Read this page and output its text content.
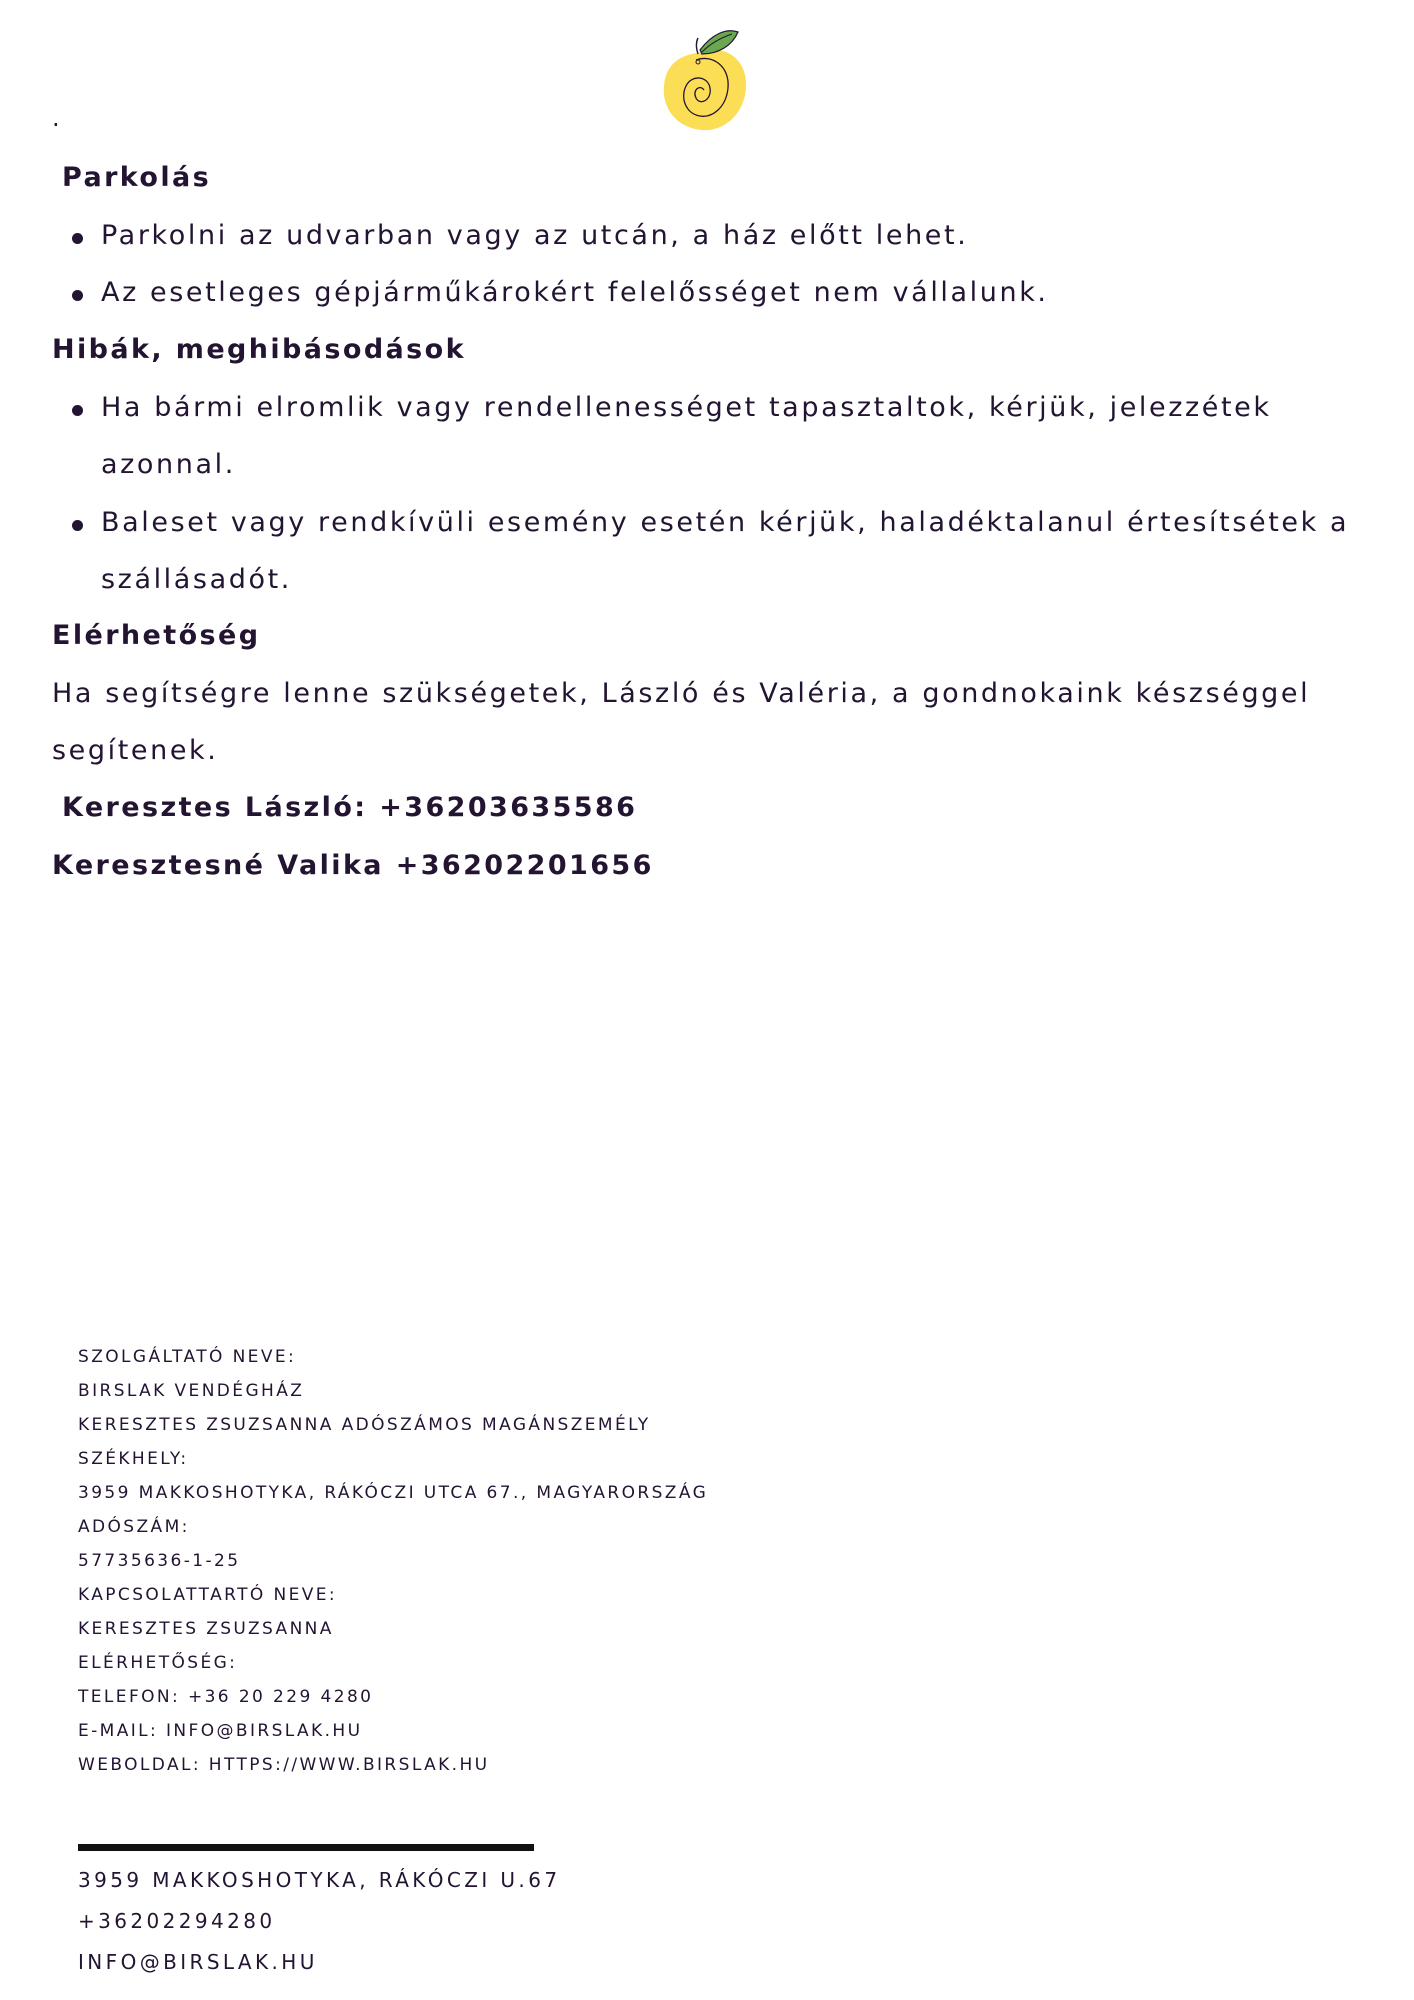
.
Parkolás
Parkolni az udvarban vagy az utcán, a ház előtt lehet.
Az esetleges gépjárműkárokért felelősséget nem vállalunk.
Hibák, meghibásodások
Ha bármi elromlik vagy rendellenességet tapasztaltok, kérjük, jelezzétek
azonnal.
Baleset vagy rendkívüli esemény esetén kérjük, haladéktalanul értesítsétek a
szállásadót.
Elérhetőség
Ha segítségre lenne szükségetek, László és Valéria, a gondnokaink készséggel
segítenek.
Keresztes László: +36203635586
Keresztesné Valika +36202201656
SZOLGÁLTATÓ NEVE:
BIRSLAK VENDÉGHÁZ
KERESZTES ZSUZSANNA ADÓSZÁMOS MAGÁNSZEMÉLY
SZÉKHELY:
3959 MAKKOSHOTYKA, RÁKÓCZI UTCA 67., MAGYARORSZÁG
ADÓSZÁM:
57735636-1-25
KAPCSOLATTARTÓ NEVE:
KERESZTES ZSUZSANNA
ELÉRHETŐSÉG:
TELEFON: +36 20 229 4280
E-MAIL: INFO@BIRSLAK.HU
WEBOLDAL: HTTPS://WWW.BIRSLAK.HU
3959 MAKKOSHOTYKA, RÁKÓCZI U.67
+36202294280
INFO@BIRSLAK.HU
